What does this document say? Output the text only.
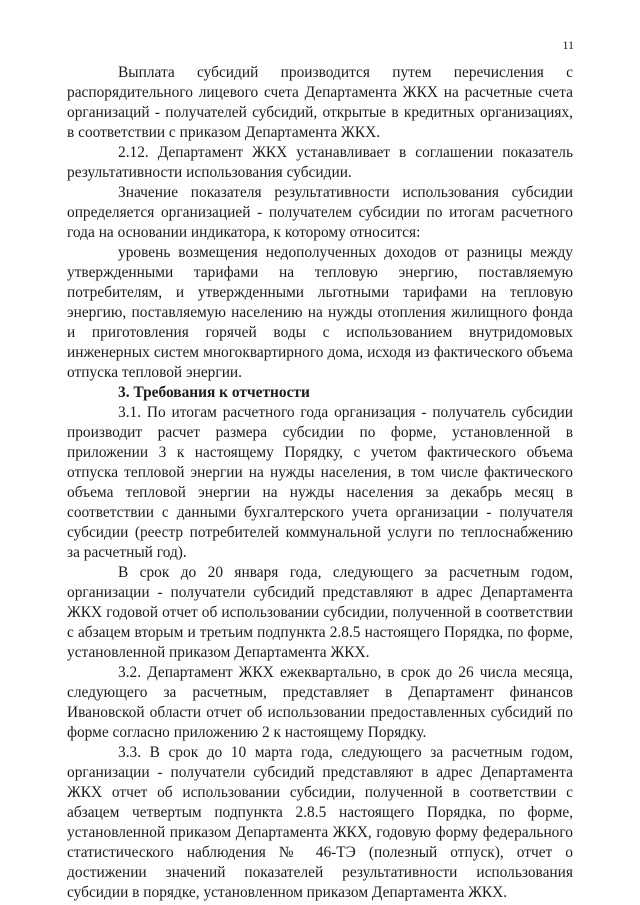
11

Выплата субсидий производится путем перечисления с распорядительного лицевого счета Департамента ЖКХ на расчетные счета организаций - получателей субсидий, открытые в кредитных организациях, в соответствии с приказом Департамента ЖКХ.

2.12. Департамент ЖКХ устанавливает в соглашении показатель результативности использования субсидии.

Значение показателя результативности использования субсидии определяется организацией - получателем субсидии по итогам расчетного года на основании индикатора, к которому относится:

уровень возмещения недополученных доходов от разницы между утвержденными тарифами на тепловую энергию, поставляемую потребителям, и утвержденными льготными тарифами на тепловую энергию, поставляемую населению на нужды отопления жилищного фонда и приготовления горячей воды с использованием внутридомовых инженерных систем многоквартирного дома, исходя из фактического объема отпуска тепловой энергии.

3. Требования к отчетности

3.1. По итогам расчетного года организация - получатель субсидии производит расчет размера субсидии по форме, установленной в приложении 3 к настоящему Порядку, с учетом фактического объема отпуска тепловой энергии на нужды населения, в том числе фактического объема тепловой энергии на нужды населения за декабрь месяц в соответствии с данными бухгалтерского учета организации - получателя субсидии (реестр потребителей коммунальной услуги по теплоснабжению за расчетный год).

В срок до 20 января года, следующего за расчетным годом, организации - получатели субсидий представляют в адрес Департамента ЖКХ годовой отчет об использовании субсидии, полученной в соответствии с абзацем вторым и третьим подпункта 2.8.5 настоящего Порядка, по форме, установленной приказом Департамента ЖКХ.

3.2. Департамент ЖКХ ежеквартально, в срок до 26 числа месяца, следующего за расчетным, представляет в Департамент финансов Ивановской области отчет об использовании предоставленных субсидий по форме согласно приложению 2 к настоящему Порядку.

3.3. В срок до 10 марта года, следующего за расчетным годом, организации - получатели субсидий представляют в адрес Департамента ЖКХ отчет об использовании субсидии, полученной в соответствии с абзацем четвертым подпункта 2.8.5 настоящего Порядка, по форме, установленной приказом Департамента ЖКХ, годовую форму федерального статистического наблюдения № 46-ТЭ (полезный отпуск), отчет о достижении значений показателей результативности использования субсидии в порядке, установленном приказом Департамента ЖКХ.
